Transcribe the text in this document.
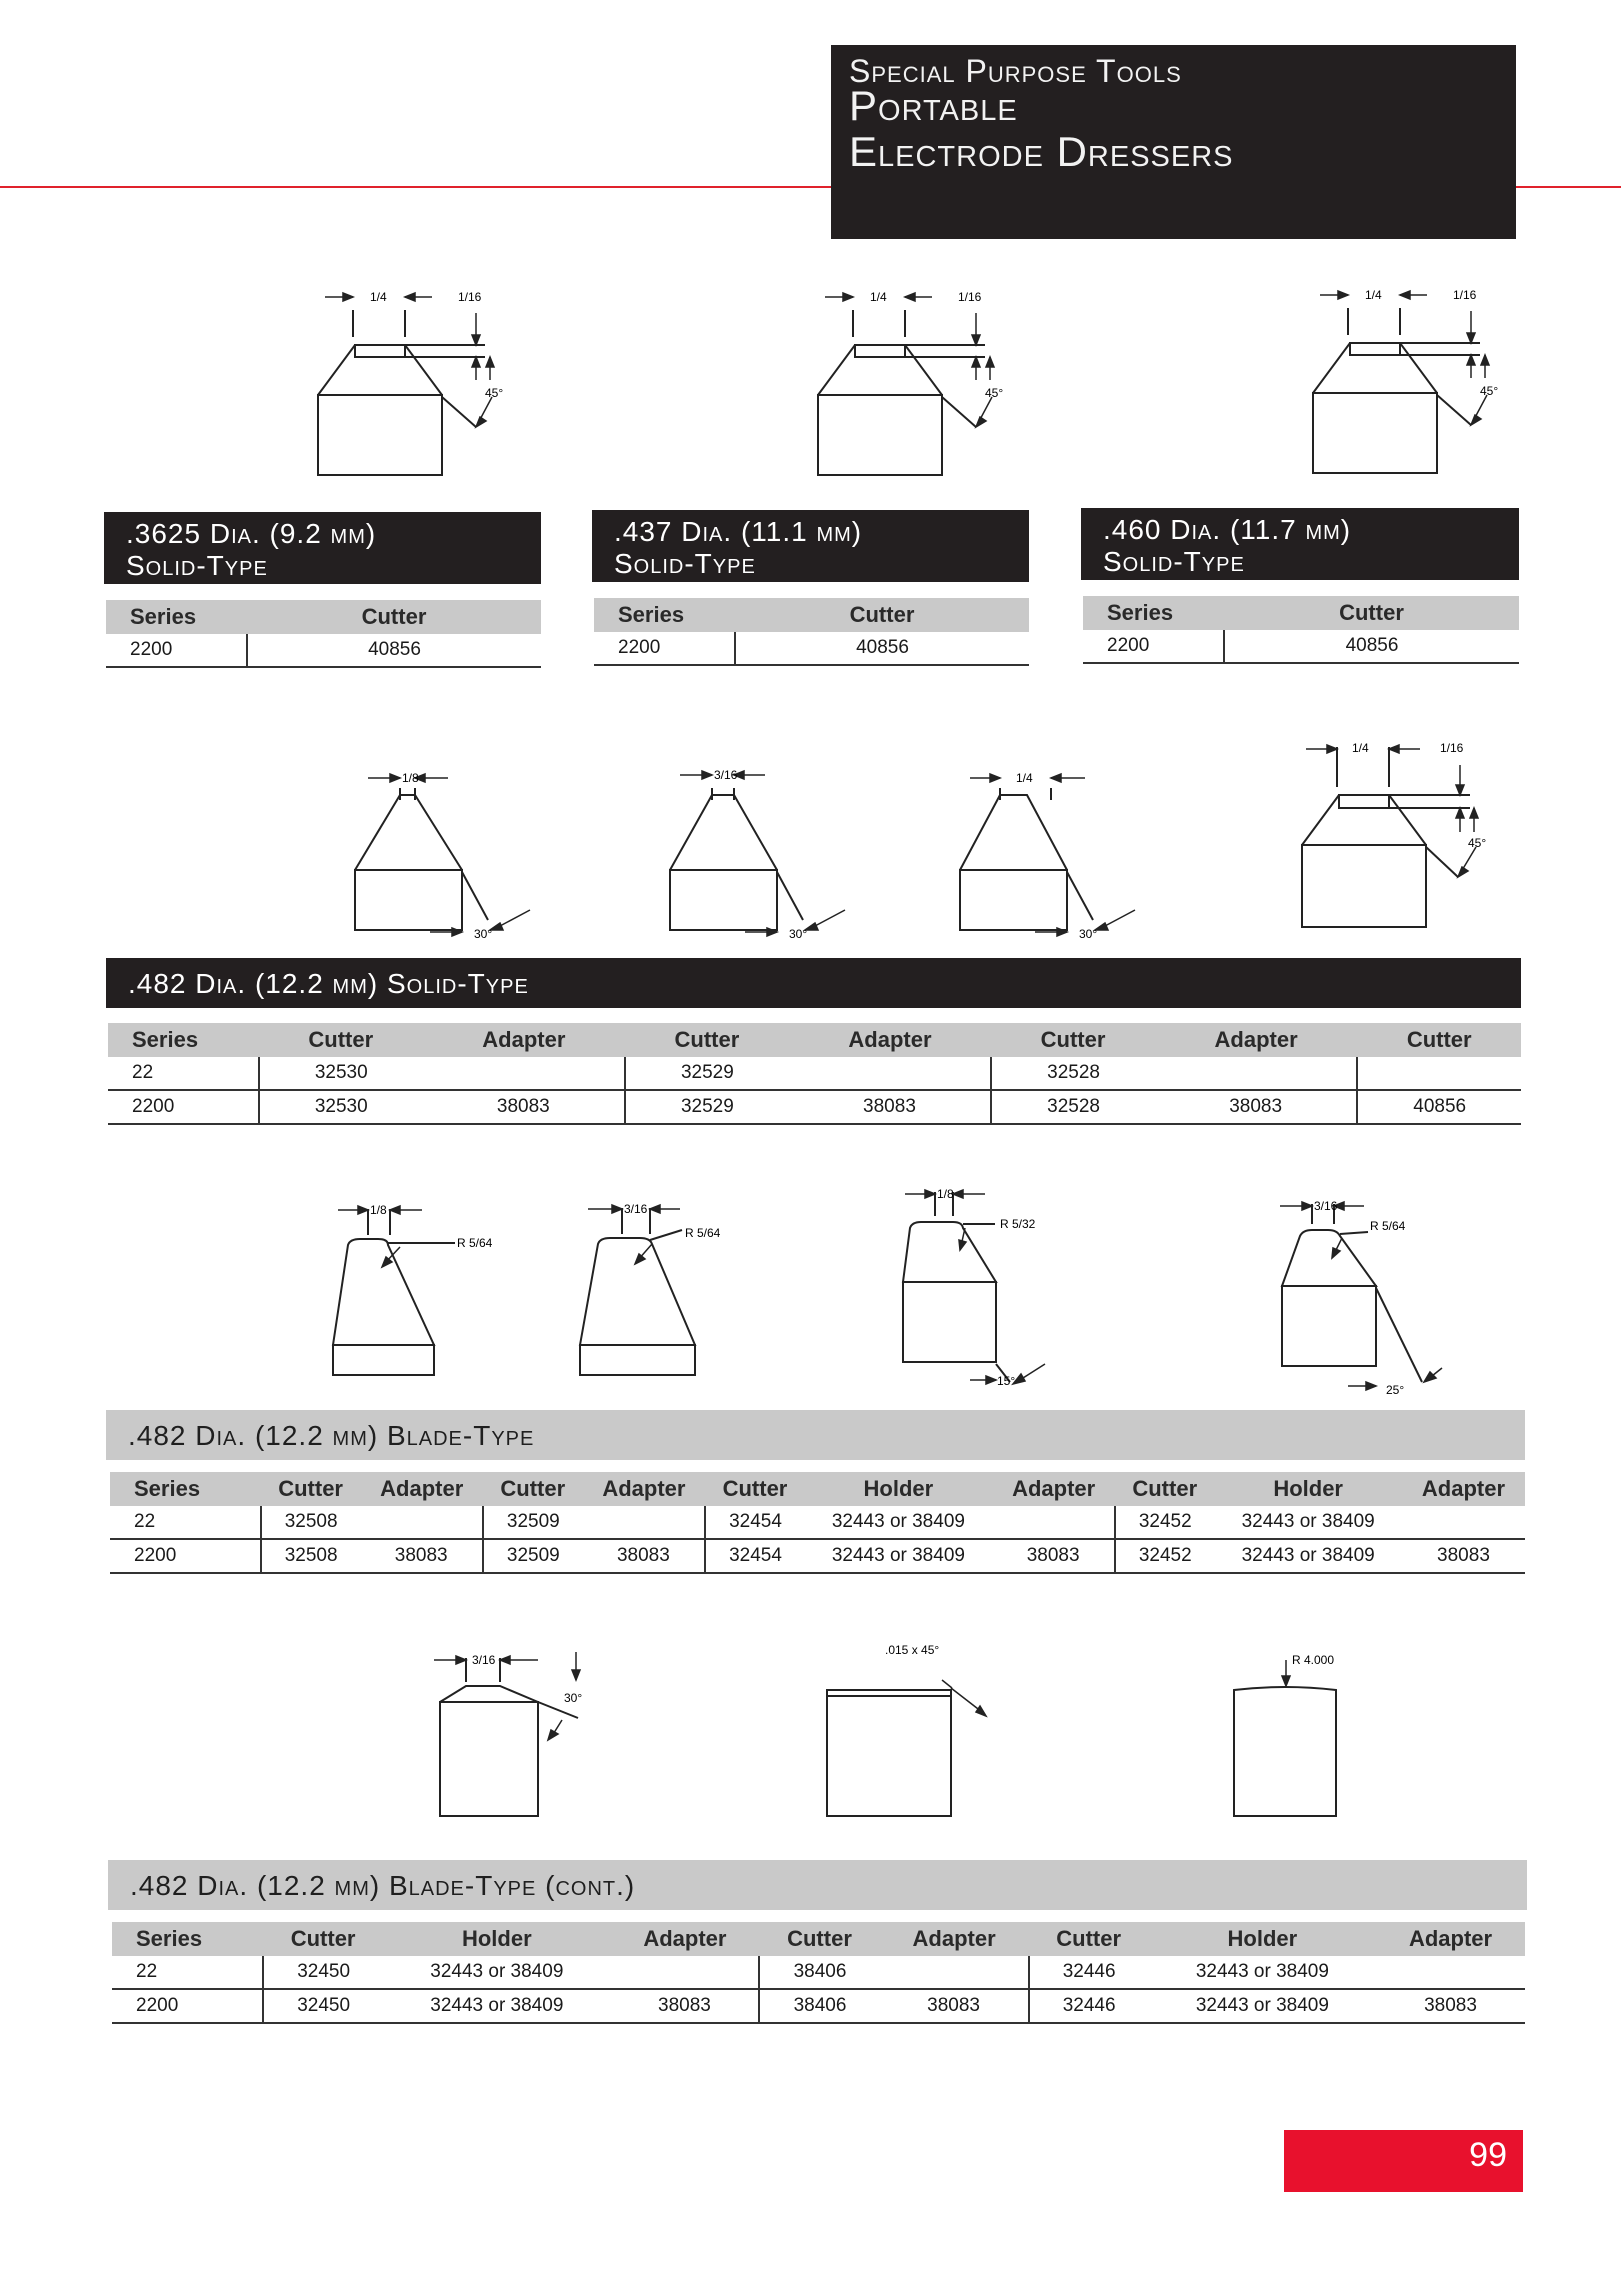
Special Purpose Tools
Portable
Electrode Dressers
1/4	1/16
45°
1/4	1/16
45°
1/4	1/16
45°
.3625 Dia. (9.2 mm)
Solid-Type
.437 Dia. (11.1 mm)
Solid-Type
.460 Dia. (11.7 mm)
Solid-Type
Series	Cutter
2200	40856
Series	Cutter
2200	40856
Series	Cutter
2200	40856
1/8
30°
3/16
30°
1/4
30°
1/4	1/16
45°
.482 Dia. (12.2 mm) Solid-Type
Series	Cutter	Adapter	Cutter	Adapter	Cutter	Adapter	Cutter
22	32530		32529		32528		
2200	32530	38083	32529	38083	32528	38083	40856
1/8
R 5/64
3/16
R 5/64
1/8
R 5/32
15°
3/16
R 5/64
25°
.482 Dia. (12.2 mm) Blade-Type
Series	Cutter	Adapter	Cutter	Adapter	Cutter	Holder	Adapter	Cutter	Holder	Adapter
22	32508		32509		32454	32443 or 38409		32452	32443 or 38409	
2200	32508	38083	32509	38083	32454	32443 or 38409	38083	32452	32443 or 38409	38083
3/16
30°
.015 x 45°
R 4.000
.482 Dia. (12.2 mm) Blade-Type (cont.)
Series	Cutter	Holder	Adapter	Cutter	Adapter	Cutter	Holder	Adapter
22	32450	32443 or 38409		38406		32446	32443 or 38409	
2200	32450	32443 or 38409	38083	38406	38083	32446	32443 or 38409	38083
99
